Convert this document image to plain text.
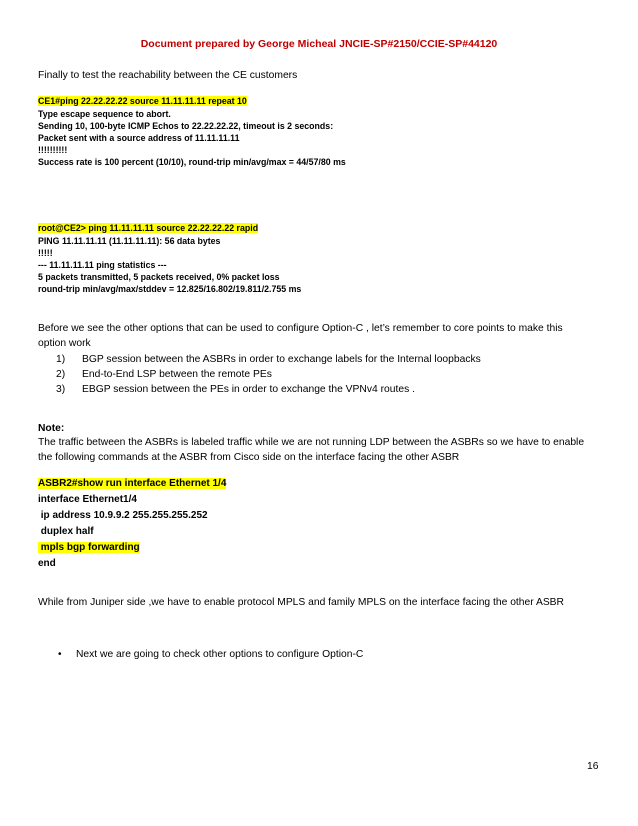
Document prepared by George Micheal JNCIE-SP#2150/CCIE-SP#44120
Finally to test the reachability between the CE customers
CE1#ping 22.22.22.22 source 11.11.11.11 repeat 10
Type escape sequence to abort.
Sending 10, 100-byte ICMP Echos to 22.22.22.22, timeout is 2 seconds:
Packet sent with a source address of 11.11.11.11
!!!!!!!!!!
Success rate is 100 percent (10/10), round-trip min/avg/max = 44/57/80 ms
root@CE2> ping 11.11.11.11 source 22.22.22.22 rapid
PING 11.11.11.11 (11.11.11.11): 56 data bytes
!!!!!
--- 11.11.11.11 ping statistics ---
5 packets transmitted, 5 packets received, 0% packet loss
round-trip min/avg/max/stddev = 12.825/16.802/19.811/2.755 ms
Before we see the other options that can be used to configure Option-C , let’s remember to core points to make this
option work
1) BGP session between the ASBRs in order to exchange labels for the Internal loopbacks
2) End-to-End LSP between the remote PEs
3) EBGP session between the PEs in order to exchange the VPNv4 routes .
Note:
The traffic between the ASBRs is labeled traffic while we are not running LDP between the ASBRs so we have to enable
the following commands at the ASBR from Cisco side on the interface facing the other ASBR
ASBR2#show run interface Ethernet 1/4
interface Ethernet1/4
ip address 10.9.9.2 255.255.255.252
duplex half
mpls bgp forwarding
end
While from Juniper side ,we have to enable protocol MPLS and family MPLS on the interface facing the other ASBR
• Next we are going to check other options to configure Option-C
16
